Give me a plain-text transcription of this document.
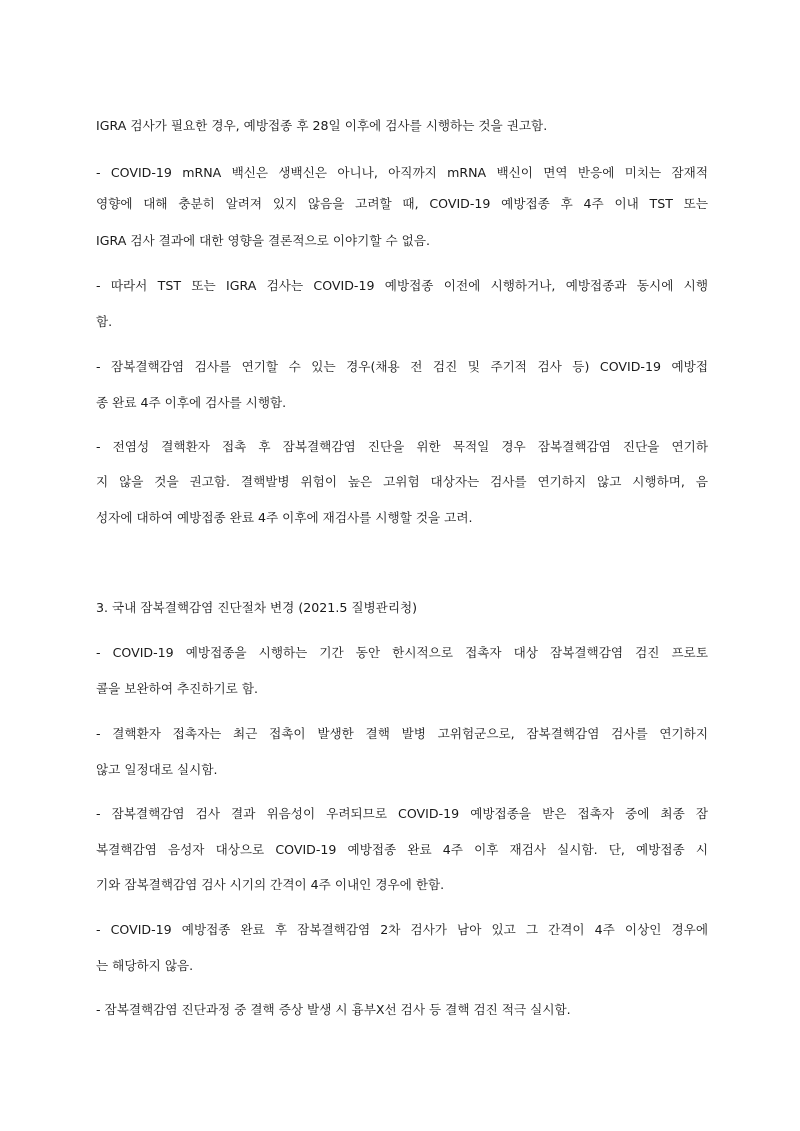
IGRA 검사가 필요한 경우, 예방접종 후 28일 이후에 검사를 시행하는 것을 권고함.
- COVID-19 mRNA 백신은 생백신은 아니나, 아직까지 mRNA 백신이 면역 반응에 미치는 잠재적
영향에 대해 충분히 알려져 있지 않음을 고려할 때, COVID-19 예방접종 후 4주 이내 TST 또는
IGRA 검사 결과에 대한 영향을 결론적으로 이야기할 수 없음.
- 따라서 TST 또는 IGRA 검사는 COVID-19 예방접종 이전에 시행하거나, 예방접종과 동시에 시행
함.
- 잠복결핵감염 검사를 연기할 수 있는 경우(채용 전 검진 및 주기적 검사 등) COVID-19 예방접
종 완료 4주 이후에 검사를 시행함.
- 전염성 결핵환자 접촉 후 잠복결핵감염 진단을 위한 목적일 경우 잠복결핵감염 진단을 연기하
지 않을 것을 권고함. 결핵발병 위험이 높은 고위험 대상자는 검사를 연기하지 않고 시행하며, 음
성자에 대하여 예방접종 완료 4주 이후에 재검사를 시행할 것을 고려.
3. 국내 잠복결핵감염 진단절차 변경 (2021.5 질병관리청)
- COVID-19 예방접종을 시행하는 기간 동안 한시적으로 접촉자 대상 잠복결핵감염 검진 프로토
콜을 보완하여 추진하기로 함.
- 결핵환자 접촉자는 최근 접촉이 발생한 결핵 발병 고위험군으로, 잠복결핵감염 검사를 연기하지
않고 일정대로 실시함.
- 잠복결핵감염 검사 결과 위음성이 우려되므로 COVID-19 예방접종을 받은 접촉자 중에 최종 잠
복결핵감염 음성자 대상으로 COVID-19 예방접종 완료 4주 이후 재검사 실시함. 단, 예방접종 시
기와 잠복결핵감염 검사 시기의 간격이 4주 이내인 경우에 한함.
- COVID-19 예방접종 완료 후 잠복결핵감염 2차 검사가 남아 있고 그 간격이 4주 이상인 경우에
는 해당하지 않음.
- 잠복결핵감염 진단과정 중 결핵 증상 발생 시 흉부X선 검사 등 결핵 검진 적극 실시함.
